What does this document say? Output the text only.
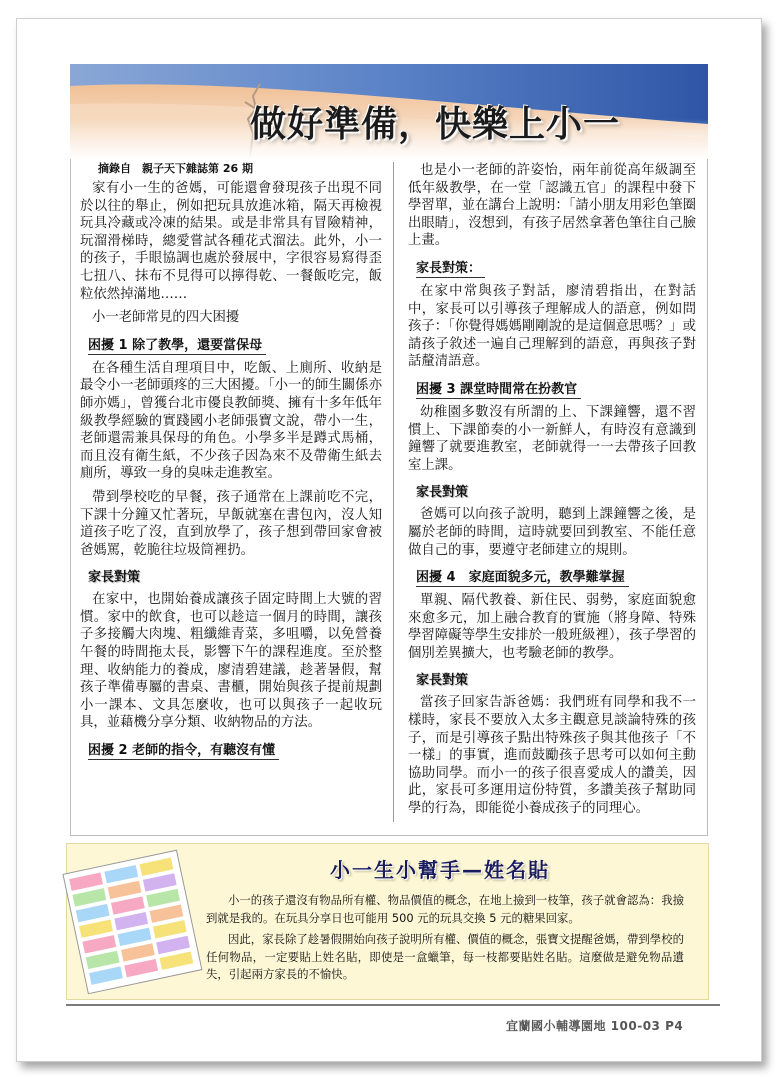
做好準備，快樂上小一
摘錄自　親子天下雜誌第 26 期

家有小一生的爸媽，可能還會發現孩子出現不同於以往的舉止，例如把玩具放進冰箱，隔天再檢視玩具冷藏或冷凍的結果。或是非常具有冒險精神，玩溜滑梯時，總愛嘗試各種花式溜法。此外，小一的孩子，手眼協調也處於發展中，字很容易寫得歪七扭八、抹布不見得可以擰得乾、一餐飯吃完，飯粒依然掉滿地……

小一老師常見的四大困擾

困擾 1 除了教學，還要當保母

在各種生活自理項目中，吃飯、上廁所、收納是最令小一老師頭疼的三大困擾。「小一的師生關係亦師亦媽」，曾獲台北市優良教師獎、擁有十多年低年級教學經驗的實踐國小老師張寶文說，帶小一生，老師還需兼具保母的角色。小學多半是蹲式馬桶，而且沒有衛生紙，不少孩子因為來不及帶衛生紙去廁所，導致一身的臭味走進教室。

帶到學校吃的早餐，孩子通常在上課前吃不完，下課十分鐘又忙著玩，早飯就塞在書包內，沒人知道孩子吃了沒，直到放學了，孩子想到帶回家會被爸媽罵，乾脆往垃圾筒裡扔。

家長對策

在家中，也開始養成讓孩子固定時間上大號的習慣。家中的飲食，也可以趁這一個月的時間，讓孩子多接觸大肉塊、粗纖維青菜，多咀嚼，以免營養午餐的時間拖太長，影響下午的課程進度。至於整理、收納能力的養成，廖清碧建議，趁著暑假，幫孩子準備專屬的書桌、書櫃，開始與孩子提前規劃小一課本、文具怎麼收，也可以與孩子一起收玩具，並藉機分享分類、收納物品的方法。

困擾 2 老師的指令，有聽沒有懂

也是小一老師的許姿怡，兩年前從高年級調至低年級教學，在一堂「認識五官」的課程中發下學習單，並在講台上說明：「請小朋友用彩色筆圈出眼睛」，沒想到，有孩子居然拿著色筆往自己臉上畫。

家長對策：

在家中常與孩子對話，廖清碧指出，在對話中，家長可以引導孩子理解成人的語意，例如問孩子：「你覺得媽媽剛剛說的是這個意思嗎？」或請孩子敘述一遍自己理解到的語意，再與孩子對話釐清語意。

困擾 3 課堂時間常在扮教官

幼稚園多數沒有所謂的上、下課鐘響，還不習慣上、下課節奏的小一新鮮人，有時沒有意識到鐘響了就要進教室，老師就得一一去帶孩子回教室上課。

家長對策

爸媽可以向孩子說明，聽到上課鐘響之後，是屬於老師的時間，這時就要回到教室、不能任意做自己的事，要遵守老師建立的規則。

困擾 4　家庭面貌多元，教學難掌握

單親、隔代教養、新住民、弱勢，家庭面貌愈來愈多元，加上融合教育的實施（將身障、特殊學習障礙等學生安排於一般班級裡），孩子學習的個別差異擴大，也考驗老師的教學。

家長對策

當孩子回家告訴爸媽：我們班有同學和我不一樣時，家長不要放入太多主觀意見談論特殊的孩子，而是引導孩子點出特殊孩子與其他孩子「不一樣」的事實，進而鼓勵孩子思考可以如何主動協助同學。而小一的孩子很喜愛成人的讚美，因此，家長可多運用這份特質，多讚美孩子幫助同學的行為，即能從小養成孩子的同理心。

小一生小幫手—姓名貼

小一的孩子還沒有物品所有權、物品價值的概念，在地上撿到一枝筆，孩子就會認為：我撿到就是我的。在玩具分享日也可能用 500 元的玩具交換 5 元的糖果回家。

因此，家長除了趁暑假開始向孩子說明所有權、價值的概念，張寶文提醒爸媽，帶到學校的任何物品，一定要貼上姓名貼，即使是一盒蠟筆，每一枝都要貼姓名貼。這麼做是避免物品遺失，引起兩方家長的不愉快。

宜蘭國小輔導園地 100-03 P4
